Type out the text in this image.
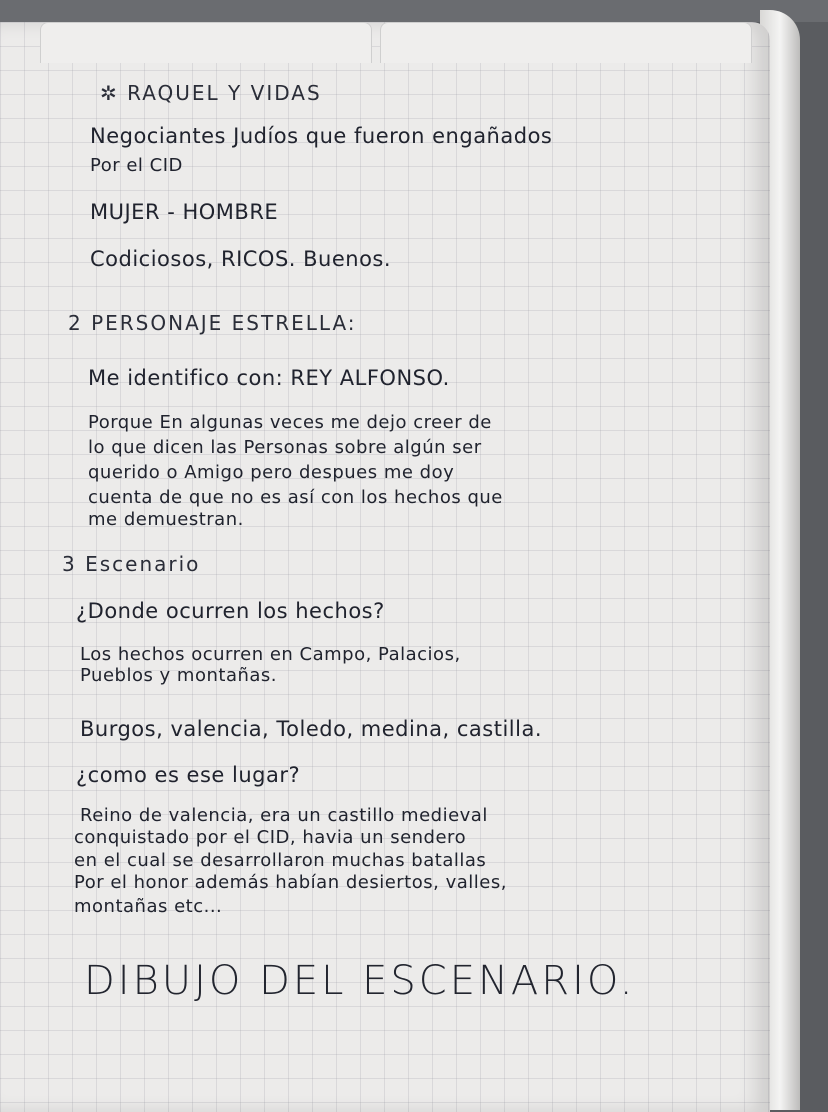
✲ RAQUEL Y VIDAS
Negociantes Judíos que fueron engañados
Por el CID
MUJER - HOMBRE
Codiciosos, RICOS. Buenos.
2 PERSONAJE ESTRELLA:
Me identifico con: REY ALFONSO.
Porque En algunas veces me dejo creer de
lo que dicen las Personas sobre algún ser
querido o Amigo pero despues me doy
cuenta de que no es así con los hechos que
me demuestran.
3 Escenario
¿Donde ocurren los hechos?
Los hechos ocurren en Campo, Palacios,
Pueblos y montañas.
Burgos, valencia, Toledo, medina, castilla.
¿como es ese lugar?
Reino de valencia, era un castillo medieval
conquistado por el CID, havia un sendero
en el cual se desarrollaron muchas batallas
Por el honor además habían desiertos, valles,
montañas etc...
DIBUJO DEL ESCENARIO.
